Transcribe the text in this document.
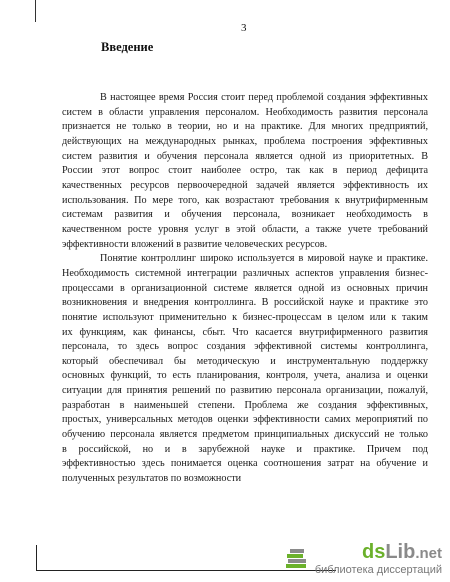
3
Введение
В настоящее время Россия стоит перед проблемой создания эффективных
систем в области управления персоналом. Необходимость развития персонала
признается не только в теории, но и на практике. Для многих предприятий,
действующих на международных рынках, проблема построения эффективных
систем развития и обучения персонала является одной из приоритетных. В
России этот вопрос стоит наиболее остро, так как в период дефицита
качественных ресурсов первоочередной задачей является эффективность их
использования. По мере того, как возрастают требования к внутрифирменным
системам развития и обучения персонала, возникает необходимость в
качественном росте уровня услуг в этой области, а также учете требований
эффективности вложений в развитие человеческих ресурсов.
Понятие контроллинг широко используется в мировой науке и практике.
Необходимость системной интеграции различных аспектов управления бизнес-
процессами в организационной системе является одной из основных причин
возникновения и внедрения контроллинга. В российской науке и практике это
понятие используют применительно к бизнес-процессам в целом или к таким
их функциям, как финансы, сбыт. Что касается внутрифирменного развития
персонала, то здесь вопрос создания эффективной системы контроллинга,
который обеспечивал бы методическую и инструментальную поддержку
основных функций, то есть планирования, контроля, учета, анализа и оценки
ситуации для принятия решений по развитию персонала организации, пожалуй,
разработан в наименьшей степени. Проблема же создания эффективных,
простых, универсальных методов оценки эффективности самих мероприятий по
обучению персонала является предметом принципиальных дискуссий не только
в российской, но и в зарубежной науке и практике. Причем под
эффективностью здесь понимается оценка соотношения затрат на обучение и
полученных результатов по возможности
ds Lib .net
библиотека диссертаций
